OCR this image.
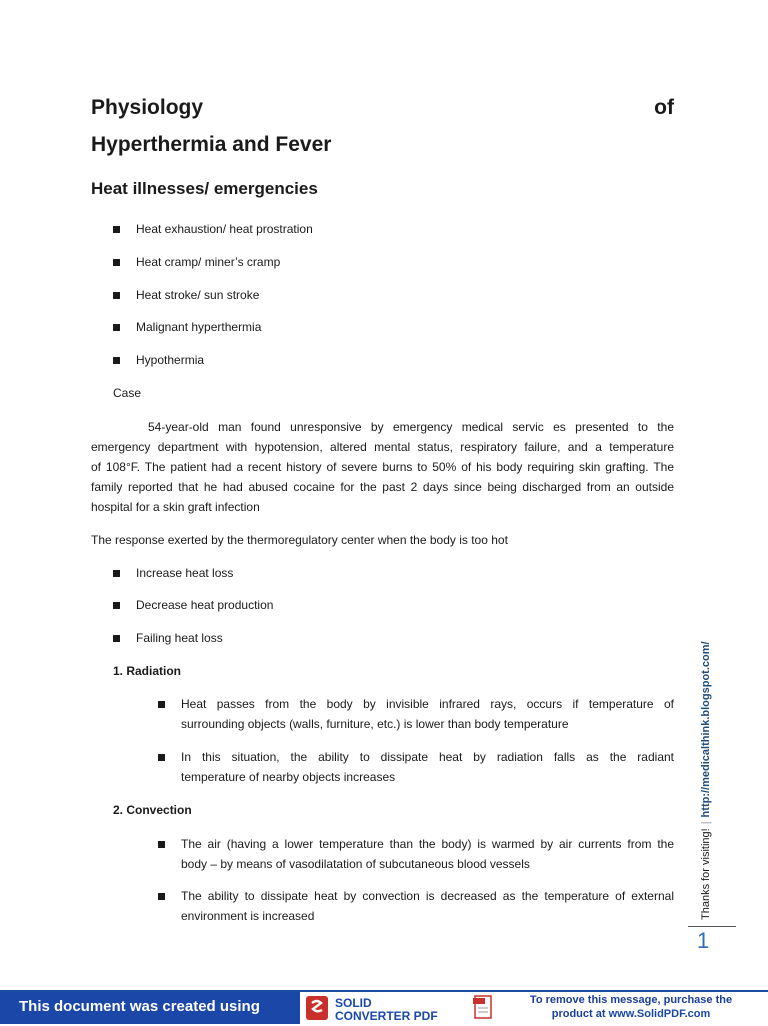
Physiology	of
Hyperthermia and Fever
Heat illnesses/ emergencies
Heat exhaustion/ heat prostration
Heat cramp/ miner’s cramp
Heat stroke/ sun stroke
Malignant hyperthermia
Hypothermia
Case
54-year-old man found unresponsive by emergency medical servic es presented to the
emergency department with hypotension, altered mental status, respiratory failure, and a temperature
of 108°F. The patient had a recent history of severe burns to 50% of his body requiring skin grafting. The
family reported that he had abused cocaine for the past 2 days since being discharged from an outside
hospital for a skin graft infection
The response exerted by the thermoregulatory center when the body is too hot
Increase heat loss
Decrease heat production
Failing heat loss
1. Radiation
Heat passes from the body by invisible infrared rays, occurs if temperature of
surrounding objects (walls, furniture, etc.) is lower than body temperature
In this situation, the ability to dissipate heat by radiation falls as the radiant
temperature of nearby objects increases
2. Convection
The air (having a lower temperature than the body) is warmed by air currents from the
body – by means of vasodilatation of subcutaneous blood vessels
The ability to dissipate heat by convection is decreased as the temperature of external
environment is increased	Thanks for visiting!|http://medicalthink.blogspot.com/
1
This document was created using	SOLID
CONVERTER PDF
To remove this message, purchase the
product at www.SolidPDF.com
